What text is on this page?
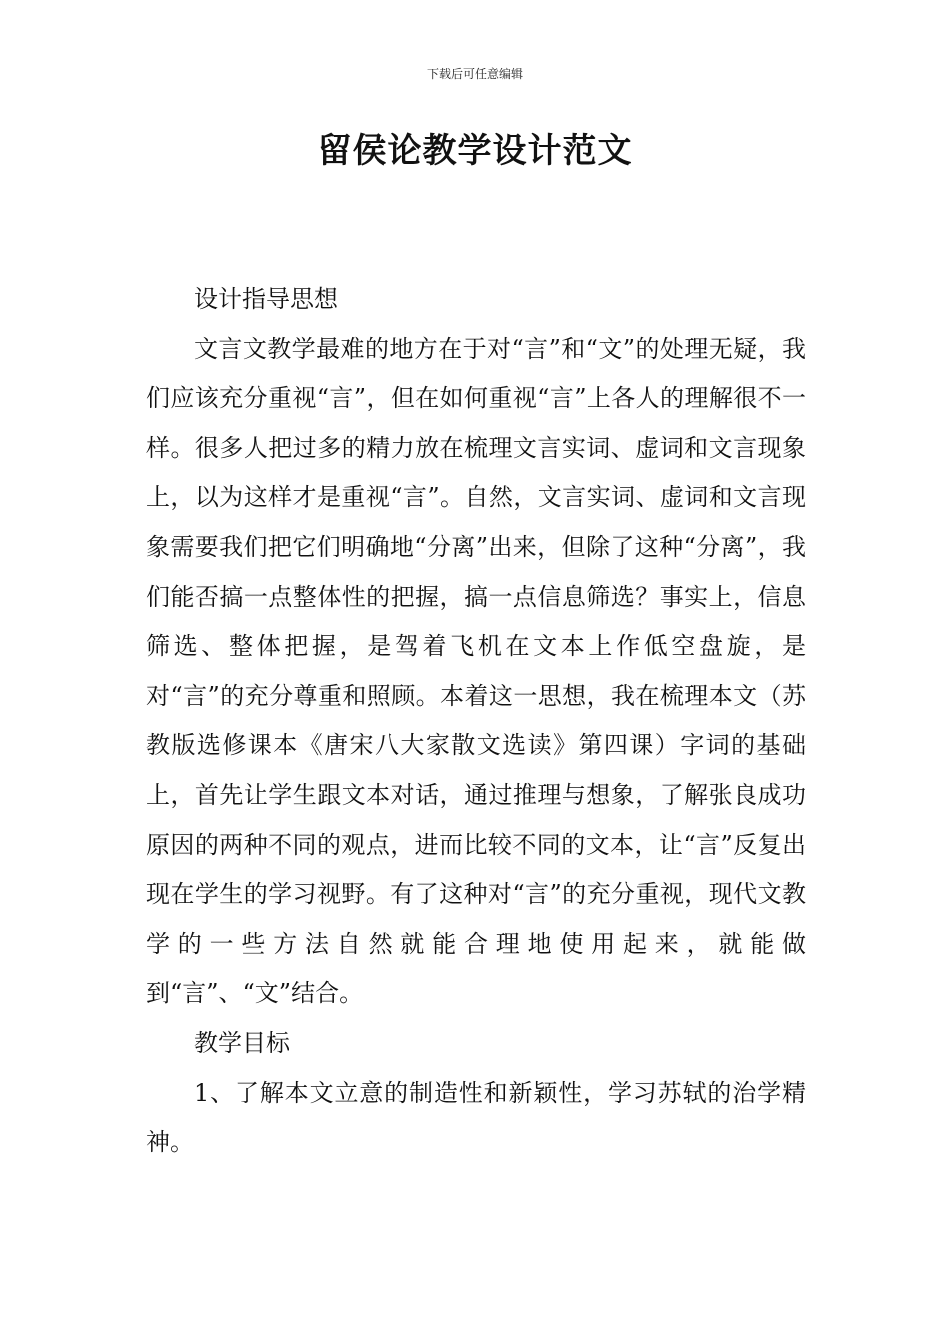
下载后可任意编辑
留侯论教学设计范文

设计指导思想

文言文教学最难的地方在于对“言”和“文”的处理无疑，我们应该充分重视“言”，但在如何重视“言”上各人的理解很不一样。很多人把过多的精力放在梳理文言实词、虚词和文言现象上，以为这样才是重视“言”。自然，文言实词、虚词和文言现象需要我们把它们明确地“分离”出来，但除了这种“分离”，我们能否搞一点整体性的把握，搞一点信息筛选？事实上，信息筛选、整体把握，是驾着飞机在文本上作低空盘旋，是对“言”的充分尊重和照顾。本着这一思想，我在梳理本文（苏教版选修课本《唐宋八大家散文选读》第四课）字词的基础上，首先让学生跟文本对话，通过推理与想象，了解张良成功原因的两种不同的观点，进而比较不同的文本，让“言”反复出现在学生的学习视野。有了这种对“言”的充分重视，现代文教学的一些方法自然就能合理地使用起来，就能做到“言”、“文”结合。

教学目标

1、了解本文立意的制造性和新颖性，学习苏轼的治学精神。
